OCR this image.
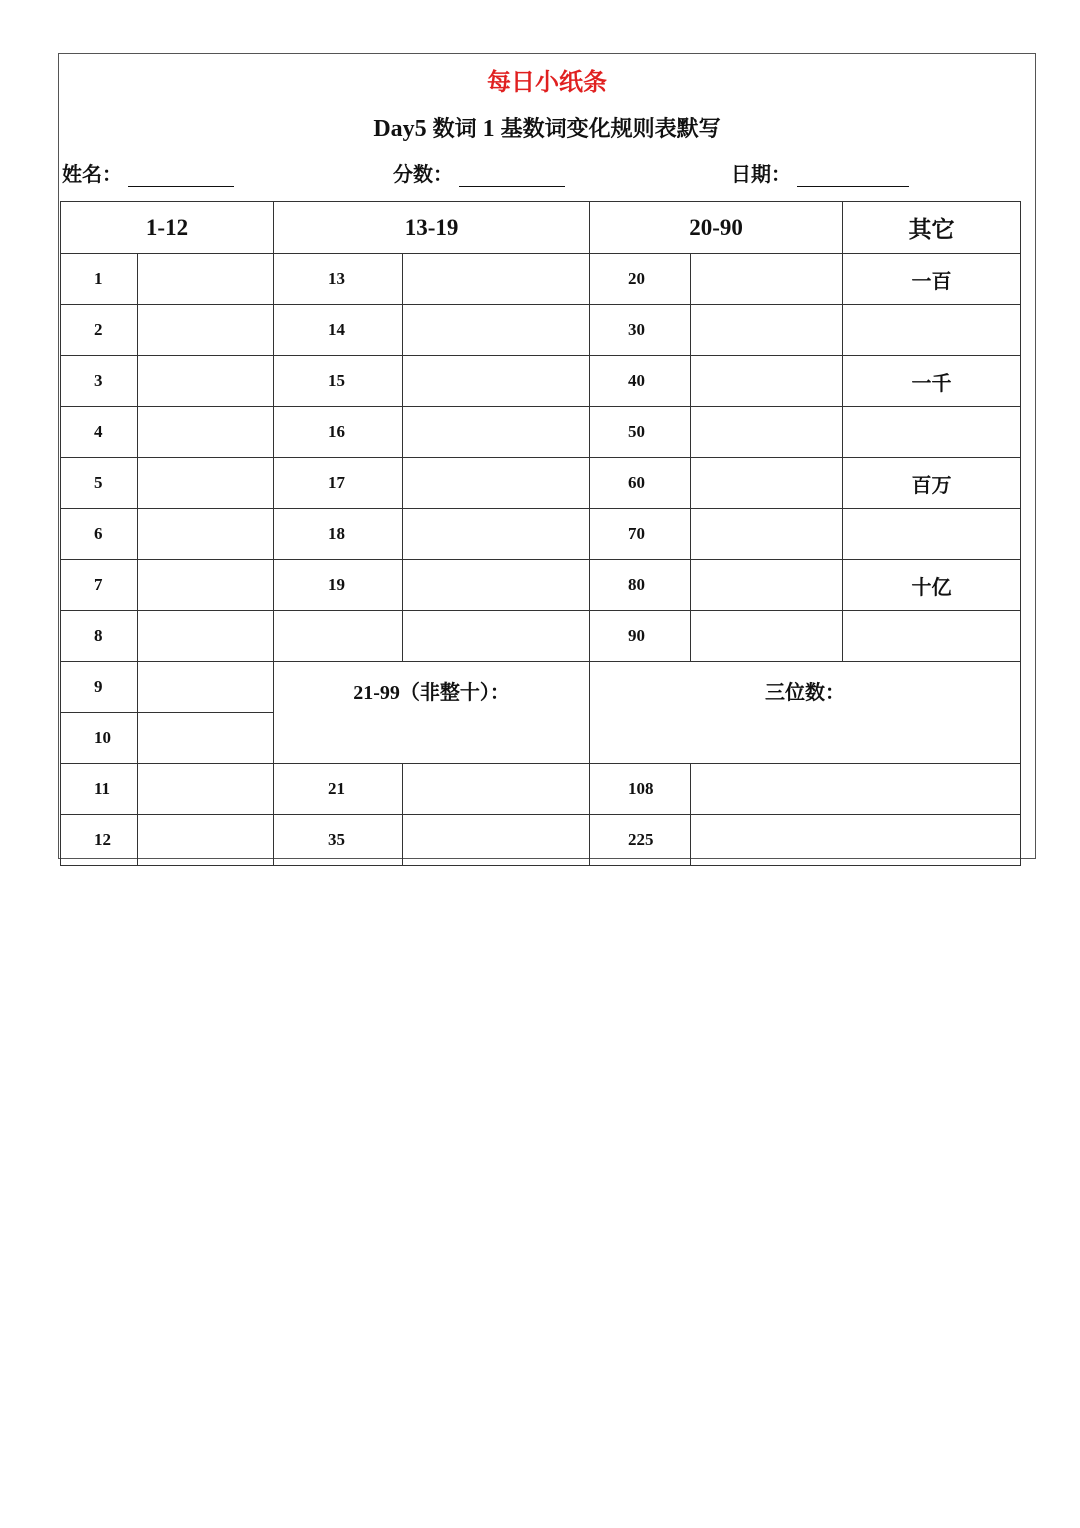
每日小纸条
Day5 数词 1 基数词变化规则表默写
姓名：	分数：	日期：
1-12		13-19		20-90		其它
1		13		20		一百
2		14		30		
3		15		40		一千
4		16		50		
5		17		60		百万
6		18		70		
7		19		80		十亿
8				90		
9		21-99（非整十）：		三位数：		
10						
11		21		108		
12		35		225		
